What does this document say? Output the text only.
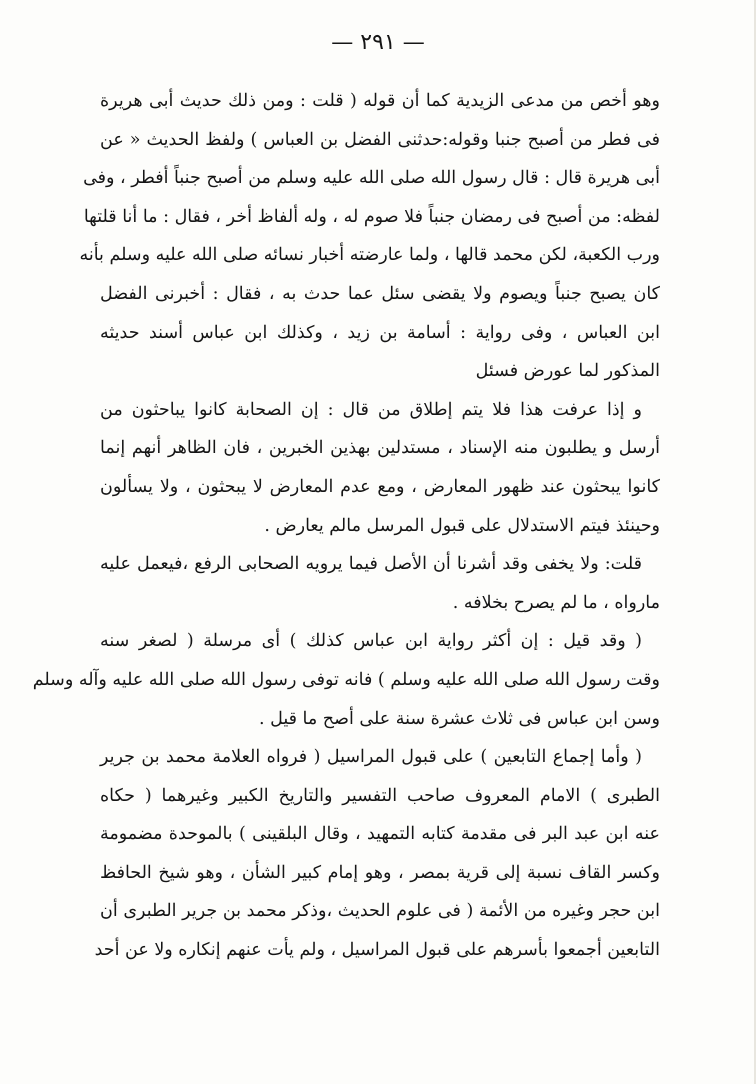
— ٢٩١ —
وهو أخص من مدعى الزيدية كما أن قوله ( قلت : ومن ذلك حديث أبى هريرة
فى فطر من أصبح جنبا وقوله:حدثنى الفضل بن العباس ) ولفظ الحديث « عن
أبى هريرة قال : قال رسول الله صلى الله عليه وسلم من أصبح جنباً أفطر ، وفى
لفظه: من أصبح فى رمضان جنباً فلا صوم له ، وله ألفاظ أخر ، فقال : ما أنا قلتها
ورب الكعبة، لكن محمد قالها ، ولما عارضته أخبار نسائه صلى الله عليه وسلم بأنه
كان يصبح جنباً ويصوم ولا يقضى سئل عما حدث به ، فقال : أخبرنى الفضل
ابن العباس ، وفى رواية : أسامة بن زيد ، وكذلك ابن عباس أسند حديثه
المذكور لما عورض فسئل
و إذا عرفت هذا فلا يتم إطلاق من قال : إن الصحابة كانوا يباحثون من
أرسل و يطلبون منه الإسناد ، مستدلين بهذين الخبرين ، فان الظاهر أنهم إنما
كانوا يبحثون عند ظهور المعارض ، ومع عدم المعارض لا يبحثون ، ولا يسألون
وحينئذ فيتم الاستدلال على قبول المرسل مالم يعارض .
قلت: ولا يخفى وقد أشرنا أن الأصل فيما يرويه الصحابى الرفع ،فيعمل عليه
مارواه ، ما لم يصرح بخلافه .
( وقد قيل : إن أكثر رواية ابن عباس كذلك ) أى مرسلة ( لصغر سنه
وقت رسول الله صلى الله عليه وسلم ) فانه توفى رسول الله صلى الله عليه وآله وسلم
وسن ابن عباس فى ثلاث عشرة سنة على أصح ما قيل .
( وأما إجماع التابعين ) على قبول المراسيل ( فرواه العلامة محمد بن جرير
الطبرى ) الامام المعروف صاحب التفسير والتاريخ الكبير وغيرهما ( حكاه
عنه ابن عبد البر فى مقدمة كتابه التمهيد ، وقال البلقينى ) بالموحدة مضمومة
وكسر القاف نسبة إلى قرية بمصر ، وهو إمام كبير الشأن ، وهو شيخ الحافظ
ابن حجر وغيره من الأئمة ( فى علوم الحديث ،وذكر محمد بن جرير الطبرى أن
التابعين أجمعوا بأسرهم على قبول المراسيل ، ولم يأت عنهم إنكاره ولا عن أحد
